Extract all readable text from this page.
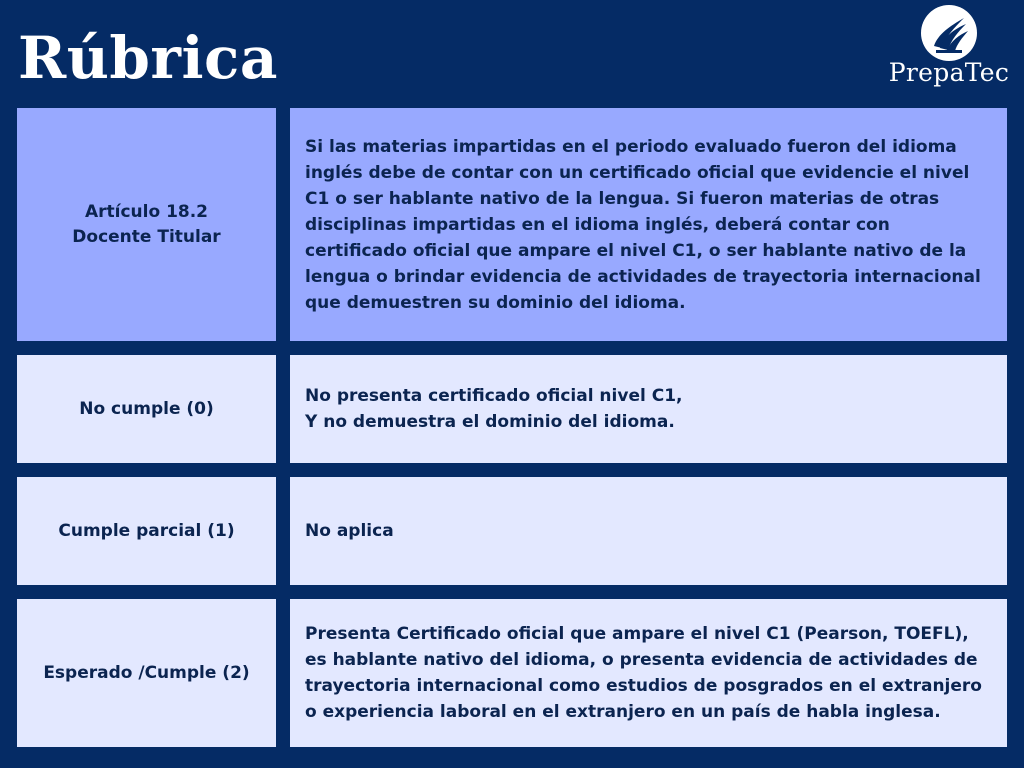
Rúbrica	PrepaTec
Artículo 18.2
Docente Titular
Si las materias impartidas en el periodo evaluado fueron del idioma inglés debe de contar con un certificado oficial que evidencie el nivel C1 o ser hablante nativo de la lengua. Si fueron materias de otras disciplinas impartidas en el idioma inglés, deberá contar con certificado oficial que ampare el nivel C1, o ser hablante nativo de la lengua o brindar evidencia de actividades de trayectoria internacional que demuestren su dominio del idioma.
No cumple (0)
No presenta certificado oficial nivel C1,
Y no demuestra el dominio del idioma.
Cumple parcial (1)	No aplica
Esperado /Cumple (2)
Presenta Certificado oficial que ampare el nivel C1 (Pearson, TOEFL), es hablante nativo del idioma, o presenta evidencia de actividades de trayectoria internacional como estudios de posgrados en el extranjero o experiencia laboral en el extranjero en un país de habla inglesa.
